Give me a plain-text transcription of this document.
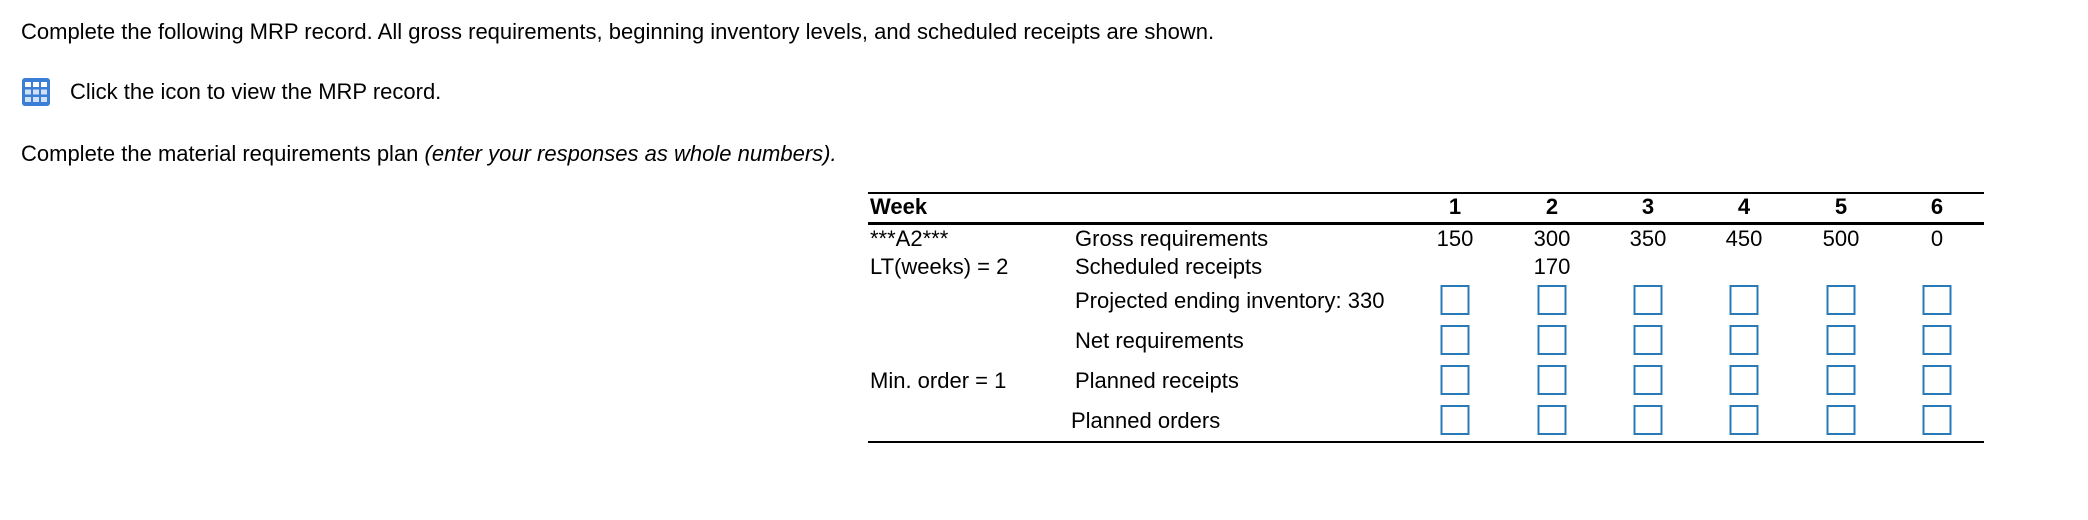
Complete the following MRP record. All gross requirements, beginning inventory levels, and scheduled receipts are shown.
Click the icon to view the MRP record.
Complete the material requirements plan (enter your responses as whole numbers).
Week
***A2***
LT(weeks) = 2
Min. order = 1
Gross requirements
Scheduled receipts
Projected ending inventory: 330
Net requirements
Planned receipts
Planned orders
1
150
2
300
170
3
350
4
450
5
500
6
0
